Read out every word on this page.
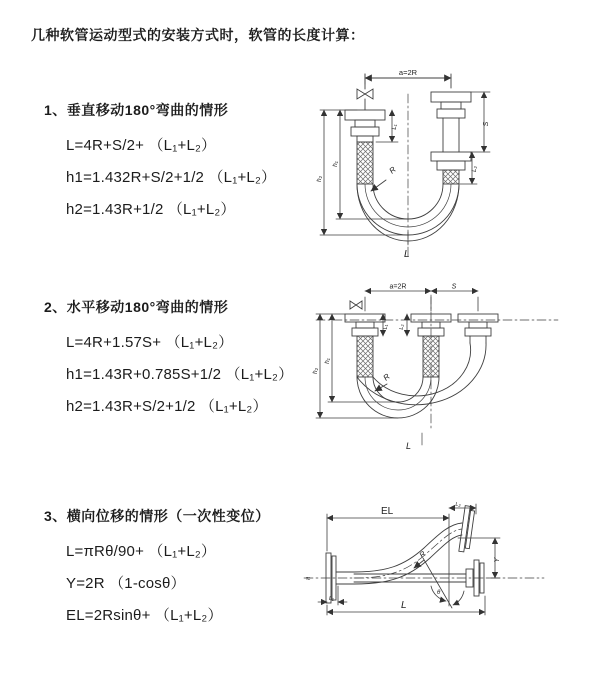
几种软管运动型式的安装方式时，软管的长度计算：
1、垂直移动180°弯曲的情形
L=4R+S/2+ （L₁+L₂）
h1=1.432R+S/2+1/2 （L₁+L₂）
h2=1.43R+1/2 （L₁+L₂）
2、水平移动180°弯曲的情形
L=4R+1.57S+ （L₁+L₂）
h1=1.43R+0.785S+1/2 （L₁+L₂）
h2=1.43R+S/2+1/2 （L₁+L₂）
3、横向位移的情形（一次性变位）
L=πRθ/90+ （L₁+L₂）
Y=2R （1-cosθ）
EL=2Rsinθ+ （L₁+L₂）
a=2R
S
L₁
L₂
h₁
h₂
R
L
a=2R	S
L₁ L₂
h₁
h₂
R
L
≈
EL
L₂
Y
L₁
L
R
θ
